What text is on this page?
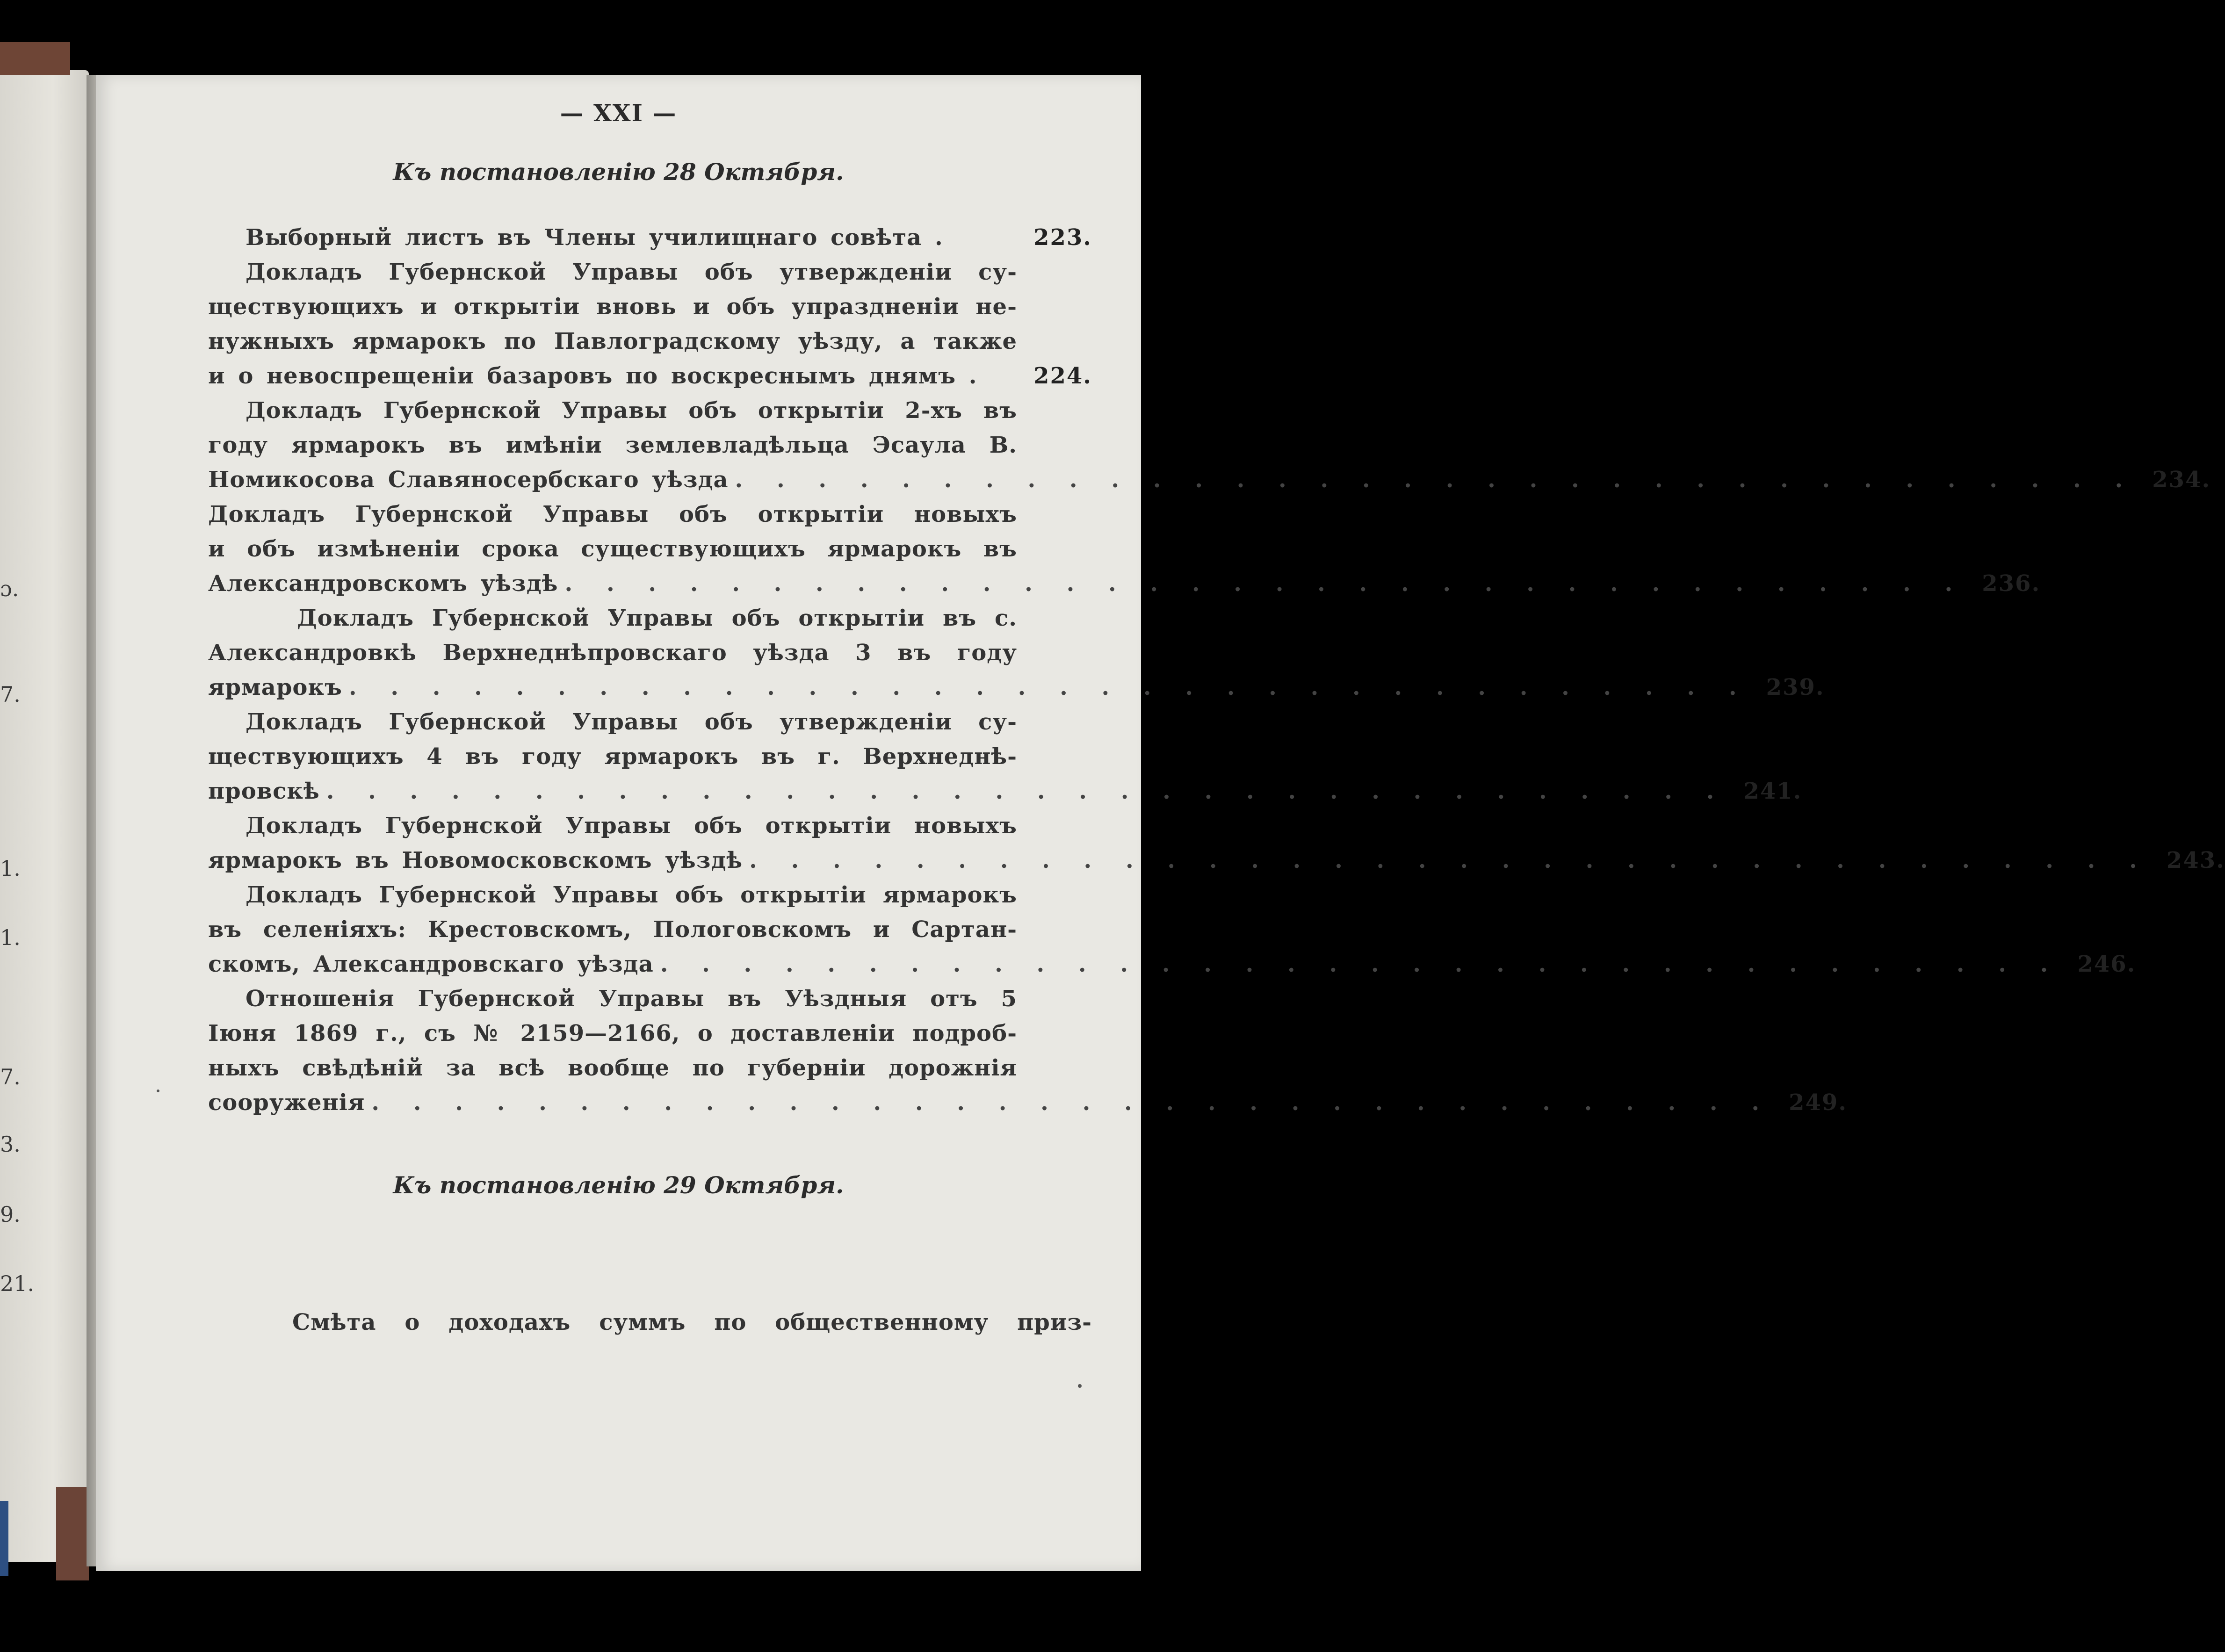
ɔ.
7.
1.
1.
7.
3.
9.
21.
— XXI —
Къ постановленію 28 Октября.
Выборный листъ въ Члены училищнаго совѣта .	223.
Докладъ Губернской Управы объ утвержденіи су-
ществующихъ и открытіи вновь и объ упраздненіи не-
нужныхъ ярмарокъ по Павлоградскому уѣзду, а также
и о невоспрещеніи базаровъ по воскреснымъ днямъ .	224.
Докладъ Губернской Управы объ открытіи 2-хъ въ
году ярмарокъ въ имѣніи землевладѣльца Эсаула В.
Номикосова Славяносербскаго уѣзда . . . . . . . . . . . . . . . . . . . . . . . . . . . . . . . . . . 234.
Докладъ Губернской Управы объ открытіи новыхъ
и объ измѣненіи срока существующихъ ярмарокъ въ
Александровскомъ уѣздѣ . . . . . . . . . . . . . . . . . . . . . . . . . . . . . . . . . . 236.
Докладъ Губернской Управы объ открытіи въ с.
Александровкѣ Верхнеднѣпровскаго уѣзда 3 въ году
ярмарокъ . . . . . . . . . . . . . . . . . . . . . . . . . . . . . . . . . . 239.
Докладъ Губернской Управы объ утвержденіи су-
ществующихъ 4 въ году ярмарокъ въ г. Верхнеднѣ-
провскѣ . . . . . . . . . . . . . . . . . . . . . . . . . . . . . . . . . . 241.
Докладъ Губернской Управы объ открытіи новыхъ
ярмарокъ въ Новомосковскомъ уѣздѣ . . . . . . . . . . . . . . . . . . . . . . . . . . . . . . . . . . 243.
Докладъ Губернской Управы объ открытіи ярмарокъ
въ селеніяхъ: Крестовскомъ, Пологовскомъ и Сартан-
скомъ, Александровскаго уѣзда . . . . . . . . . . . . . . . . . . . . . . . . . . . . . . . . . . 246.
Отношенія Губернской Управы въ Уѣздныя отъ 5
Іюня 1869 г., съ № 2159—2166, о доставленіи подроб-
ныхъ свѣдѣній за всѣ вообще по губерніи дорожнія
сооруженія . . . . . . . . . . . . . . . . . . . . . . . . . . . . . . . . . . 249.
Къ постановленію 29 Октября.
Смѣта о доходахъ суммъ по общественному приз-
